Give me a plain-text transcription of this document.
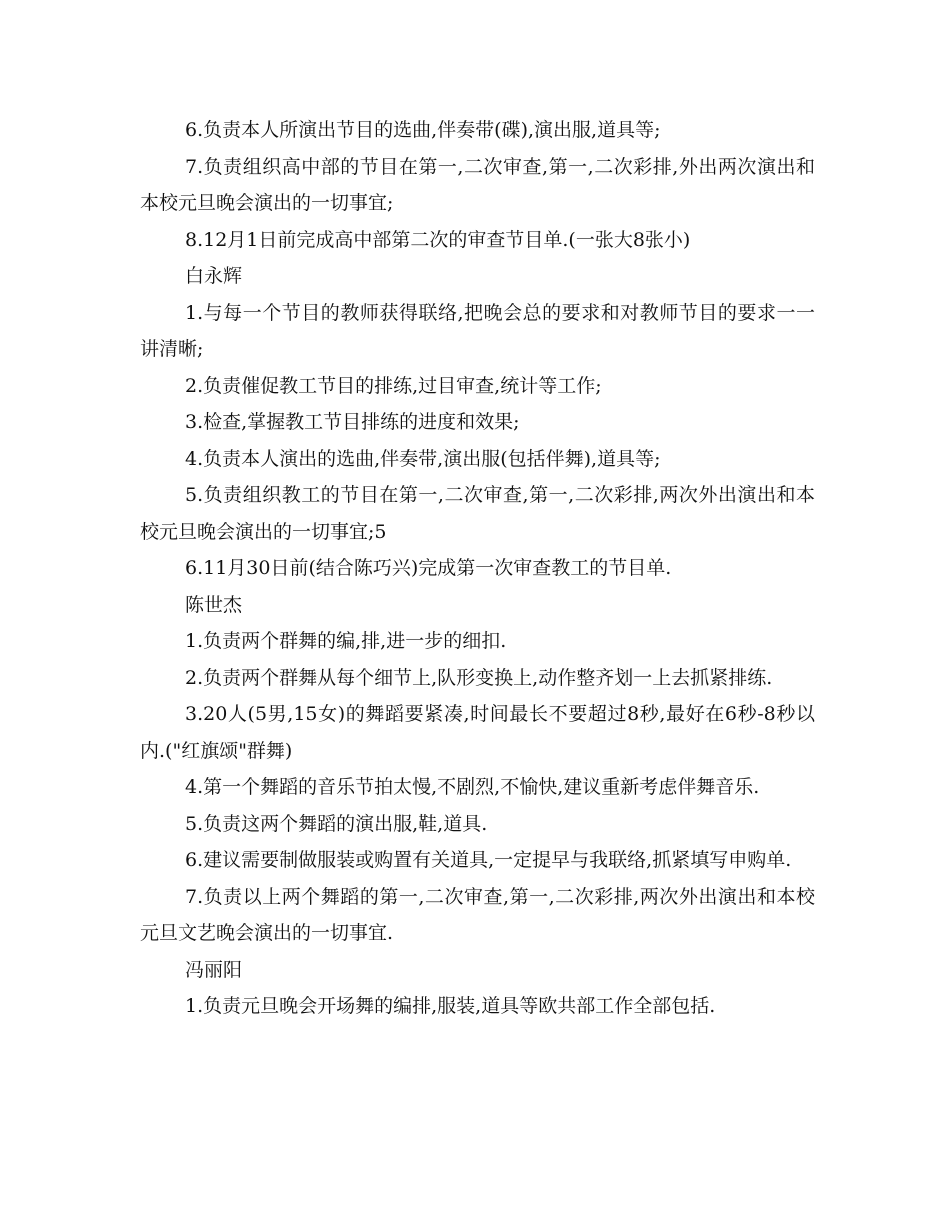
6.负责本人所演出节目的选曲,伴奏带(碟),演出服,道具等;

7.负责组织高中部的节目在第一,二次审查,第一,二次彩排,外出两次演出和本校元旦晚会演出的一切事宜;

8.12月1日前完成高中部第二次的审查节目单.(一张大8张小)

白永辉

1.与每一个节目的教师获得联络,把晚会总的要求和对教师节目的要求一一讲清晰;

2.负责催促教工节目的排练,过目审查,统计等工作;

3.检查,掌握教工节目排练的进度和效果;

4.负责本人演出的选曲,伴奏带,演出服(包括伴舞),道具等;

5.负责组织教工的节目在第一,二次审查,第一,二次彩排,两次外出演出和本校元旦晚会演出的一切事宜;5

6.11月30日前(结合陈巧兴)完成第一次审查教工的节目单.

陈世杰

1.负责两个群舞的编,排,进一步的细扣.

2.负责两个群舞从每个细节上,队形变换上,动作整齐划一上去抓紧排练.

3.20人(5男,15女)的舞蹈要紧凑,时间最长不要超过8秒,最好在6秒-8秒以内.("红旗颂"群舞)

4.第一个舞蹈的音乐节拍太慢,不剧烈,不愉快,建议重新考虑伴舞音乐.

5.负责这两个舞蹈的演出服,鞋,道具.

6.建议需要制做服装或购置有关道具,一定提早与我联络,抓紧填写申购单.

7.负责以上两个舞蹈的第一,二次审查,第一,二次彩排,两次外出演出和本校元旦文艺晚会演出的一切事宜.

冯丽阳

1.负责元旦晚会开场舞的编排,服装,道具等欧共部工作全部包括.
